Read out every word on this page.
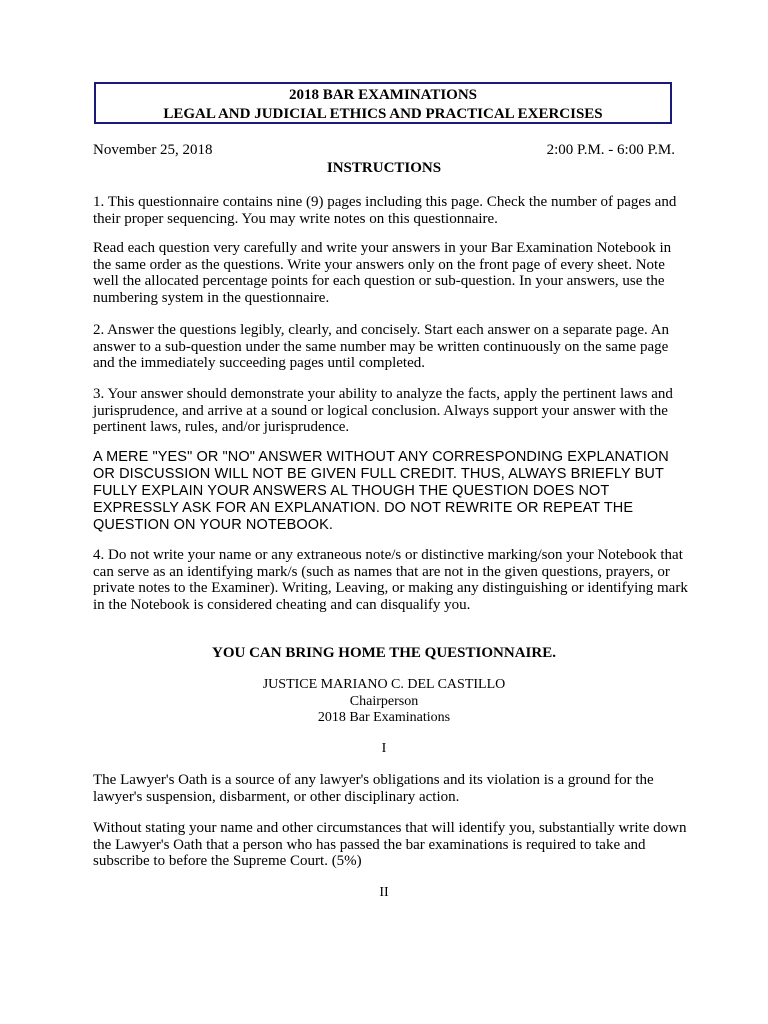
2018 BAR EXAMINATIONS
LEGAL AND JUDICIAL ETHICS AND PRACTICAL EXERCISES
November 25, 2018	2:00 P.M. - 6:00 P.M.
INSTRUCTIONS

1. This questionnaire contains nine (9) pages including this page. Check the number of pages and their proper sequencing. You may write notes on this questionnaire.

Read each question very carefully and write your answers in your Bar Examination Notebook in the same order as the questions. Write your answers only on the front page of every sheet. Note well the allocated percentage points for each question or sub-question. In your answers, use the numbering system in the questionnaire.

2. Answer the questions legibly, clearly, and concisely. Start each answer on a separate page. An answer to a sub-question under the same number may be written continuously on the same page and the immediately succeeding pages until completed.

3. Your answer should demonstrate your ability to analyze the facts, apply the pertinent laws and jurisprudence, and arrive at a sound or logical conclusion. Always support your answer with the pertinent laws, rules, and/or jurisprudence.

A MERE "YES" OR "NO" ANSWER WITHOUT ANY CORRESPONDING EXPLANATION OR DISCUSSION WILL NOT BE GIVEN FULL CREDIT. THUS, ALWAYS BRIEFLY BUT FULLY EXPLAIN YOUR ANSWERS AL THOUGH THE QUESTION DOES NOT EXPRESSLY ASK FOR AN EXPLANATION. DO NOT REWRITE OR REPEAT THE QUESTION ON YOUR NOTEBOOK.

4. Do not write your name or any extraneous note/s or distinctive marking/son your Notebook that can serve as an identifying mark/s (such as names that are not in the given questions, prayers, or private notes to the Examiner). Writing, Leaving, or making any distinguishing or identifying mark in the Notebook is considered cheating and can disqualify you.

YOU CAN BRING HOME THE QUESTIONNAIRE.
JUSTICE MARIANO C. DEL CASTILLO
Chairperson
2018 Bar Examinations
I

The Lawyer's Oath is a source of any lawyer's obligations and its violation is a ground for the lawyer's suspension, disbarment, or other disciplinary action.

Without stating your name and other circumstances that will identify you, substantially write down the Lawyer's Oath that a person who has passed the bar examinations is required to take and subscribe to before the Supreme Court. (5%)

II
